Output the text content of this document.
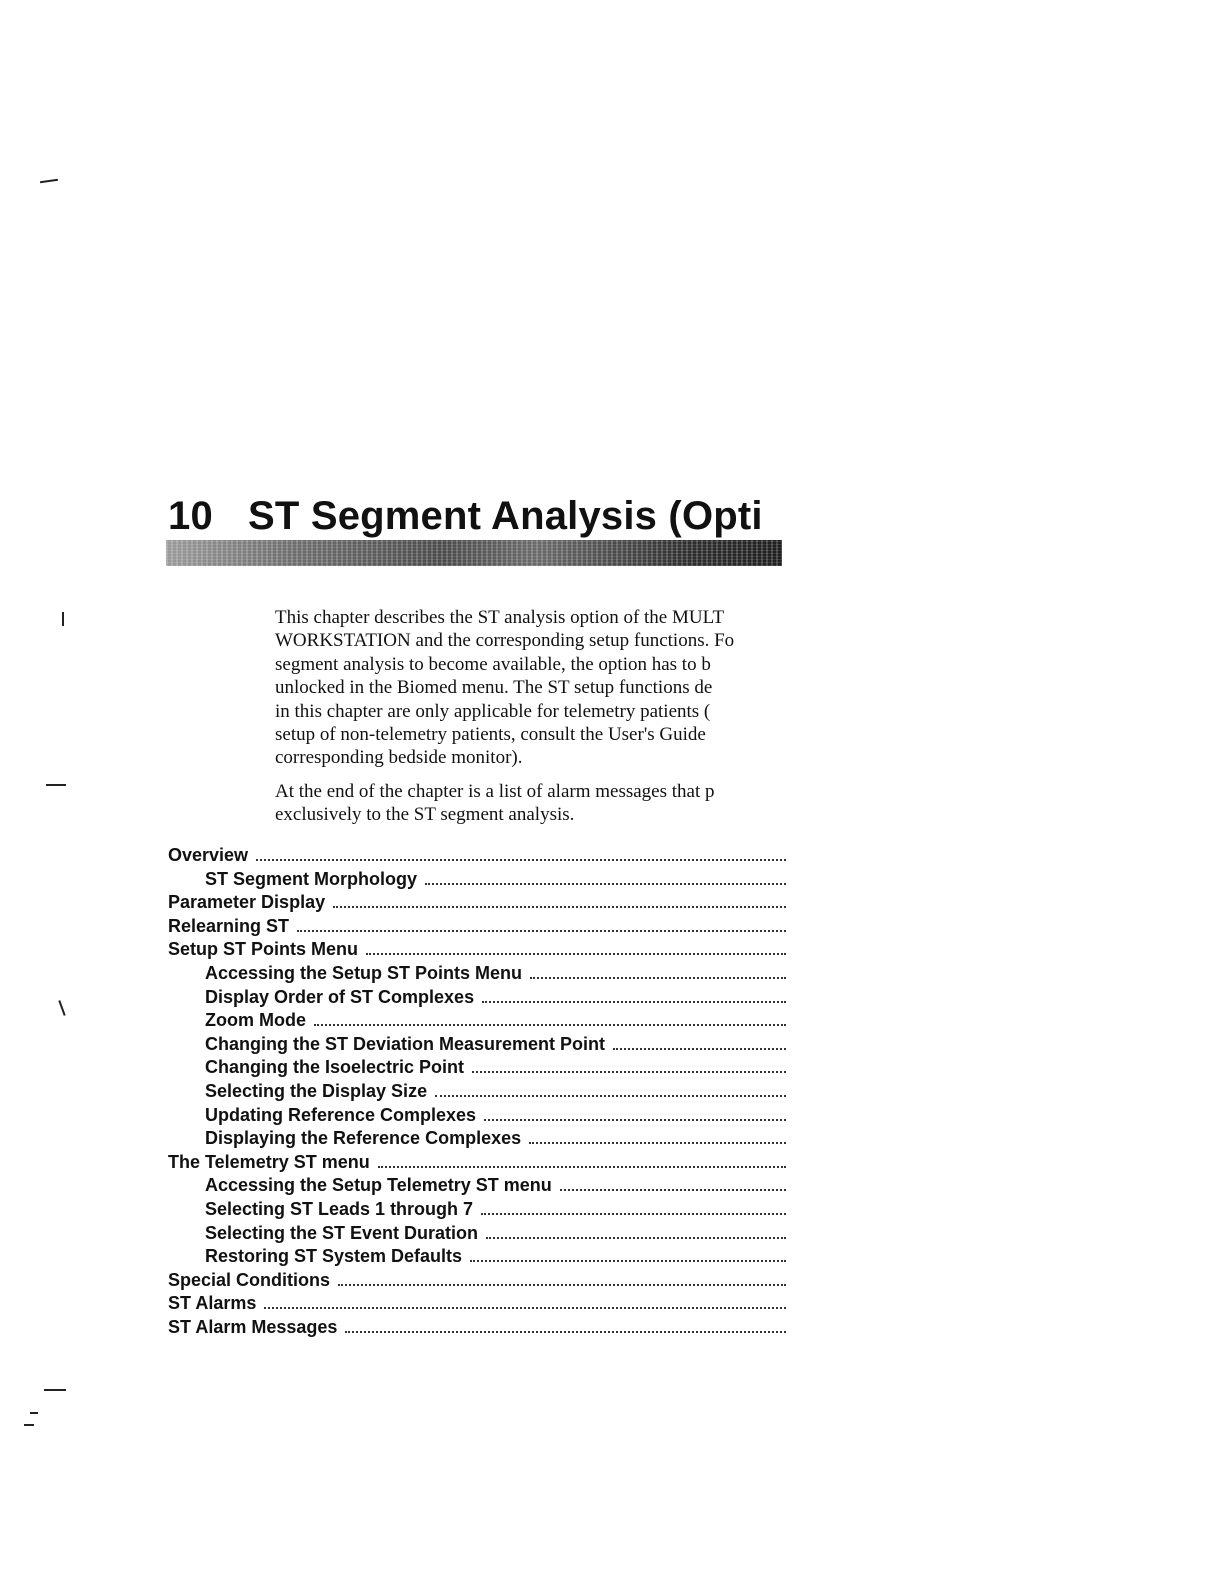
10 ST Segment Analysis (Opti

This chapter describes the ST analysis option of the MULT
WORKSTATION and the corresponding setup functions. Fo
segment analysis to become available, the option has to b
unlocked in the Biomed menu. The ST setup functions de
in this chapter are only applicable for telemetry patients (
setup of non-telemetry patients, consult the User's Guide
corresponding bedside monitor).

At the end of the chapter is a list of alarm messages that p
exclusively to the ST segment analysis.

Overview
ST Segment Morphology
Parameter Display
Relearning ST
Setup ST Points Menu
Accessing the Setup ST Points Menu
Display Order of ST Complexes
Zoom Mode
Changing the ST Deviation Measurement Point
Changing the Isoelectric Point
Selecting the Display Size
Updating Reference Complexes
Displaying the Reference Complexes
The Telemetry ST menu
Accessing the Setup Telemetry ST menu
Selecting ST Leads 1 through 7
Selecting the ST Event Duration
Restoring ST System Defaults
Special Conditions
ST Alarms
ST Alarm Messages
